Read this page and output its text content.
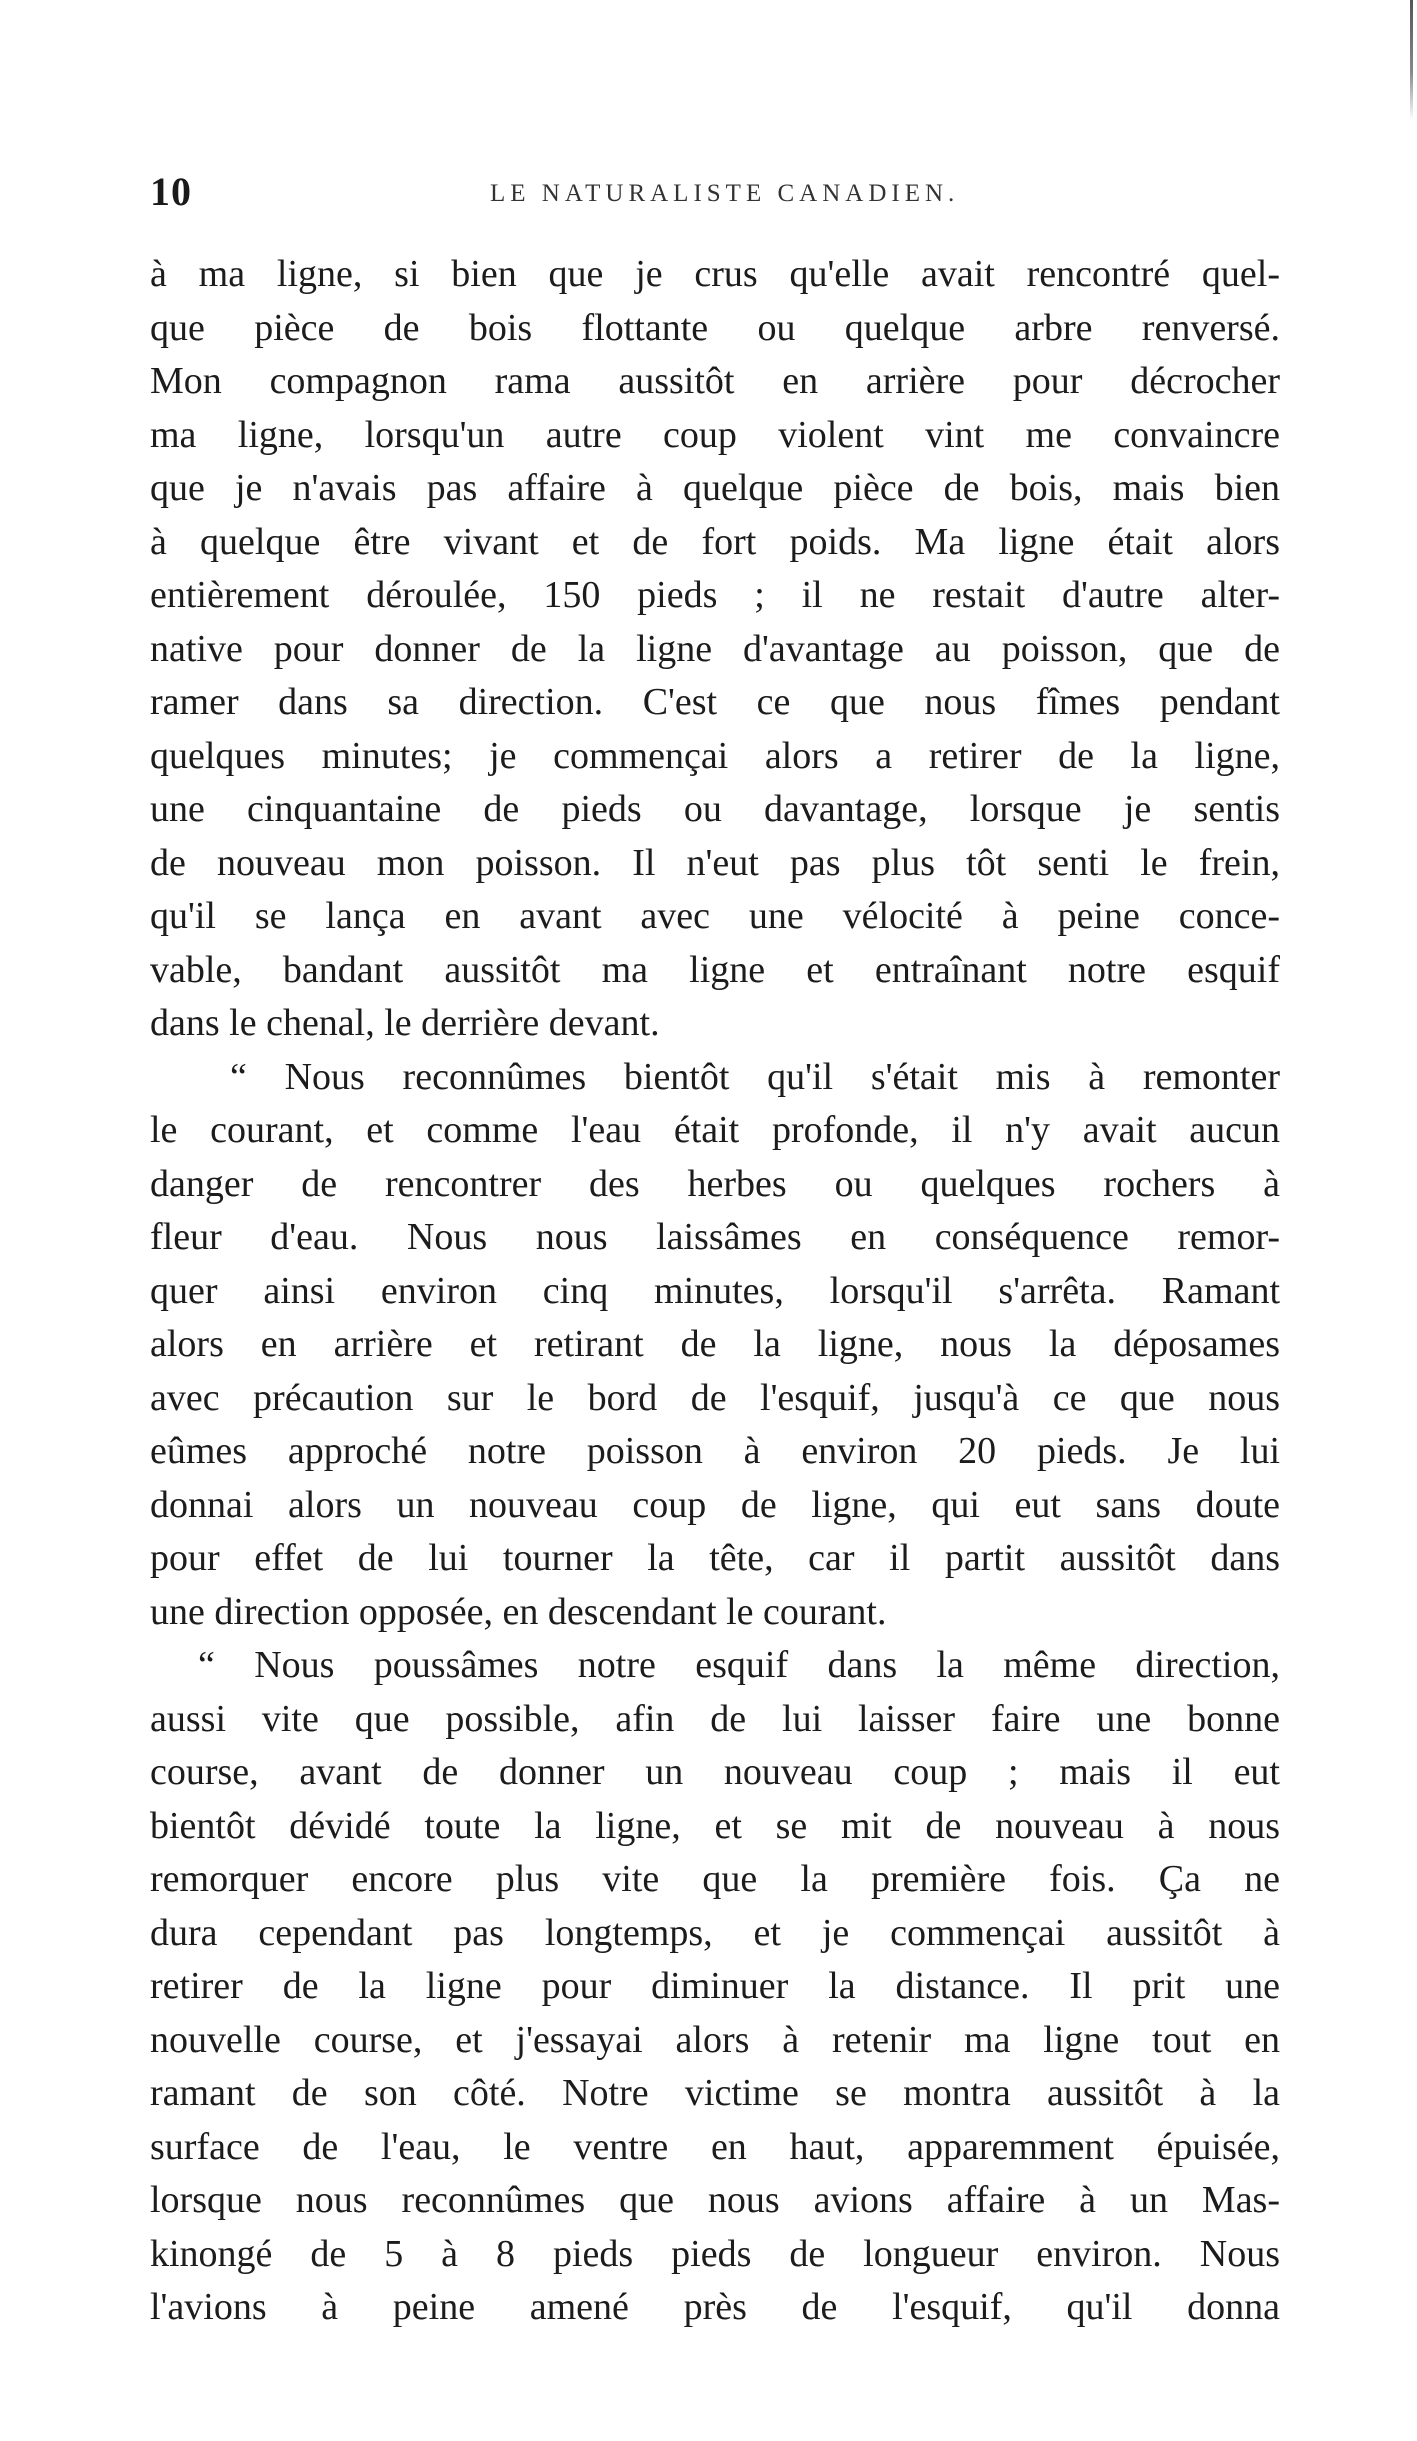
10	LE NATURALISTE CANADIEN.
à ma ligne, si bien que je crus qu'elle avait rencontré quel-
que pièce de bois flottante ou quelque arbre renversé.
Mon compagnon rama aussitôt en arrière pour décrocher
ma ligne, lorsqu'un autre coup violent vint me convaincre
que je n'avais pas affaire à quelque pièce de bois, mais bien
à quelque être vivant et de fort poids. Ma ligne était alors
entièrement déroulée, 150 pieds ; il ne restait d'autre alter-
native pour donner de la ligne d'avantage au poisson, que de
ramer dans sa direction. C'est ce que nous fîmes pendant
quelques minutes; je commençai alors a retirer de la ligne,
une cinquantaine de pieds ou davantage, lorsque je sentis
de nouveau mon poisson. Il n'eut pas plus tôt senti le frein,
qu'il se lança en avant avec une vélocité à peine conce-
vable, bandant aussitôt ma ligne et entraînant notre esquif
dans le chenal, le derrière devant.
“ Nous reconnûmes bientôt qu'il s'était mis à remonter
le courant, et comme l'eau était profonde, il n'y avait aucun
danger de rencontrer des herbes ou quelques rochers à
fleur d'eau. Nous nous laissâmes en conséquence remor-
quer ainsi environ cinq minutes, lorsqu'il s'arrêta. Ramant
alors en arrière et retirant de la ligne, nous la déposames
avec précaution sur le bord de l'esquif, jusqu'à ce que nous
eûmes approché notre poisson à environ 20 pieds. Je lui
donnai alors un nouveau coup de ligne, qui eut sans doute
pour effet de lui tourner la tête, car il partit aussitôt dans
une direction opposée, en descendant le courant.
“ Nous poussâmes notre esquif dans la même direction,
aussi vite que possible, afin de lui laisser faire une bonne
course, avant de donner un nouveau coup ; mais il eut
bientôt dévidé toute la ligne, et se mit de nouveau à nous
remorquer encore plus vite que la première fois. Ça ne
dura cependant pas longtemps, et je commençai aussitôt à
retirer de la ligne pour diminuer la distance. Il prit une
nouvelle course, et j'essayai alors à retenir ma ligne tout en
ramant de son côté. Notre victime se montra aussitôt à la
surface de l'eau, le ventre en haut, apparemment épuisée,
lorsque nous reconnûmes que nous avions affaire à un Mas-
kinongé de 5 à 8 pieds pieds de longueur environ. Nous
l'avions à peine amené près de l'esquif, qu'il donna
